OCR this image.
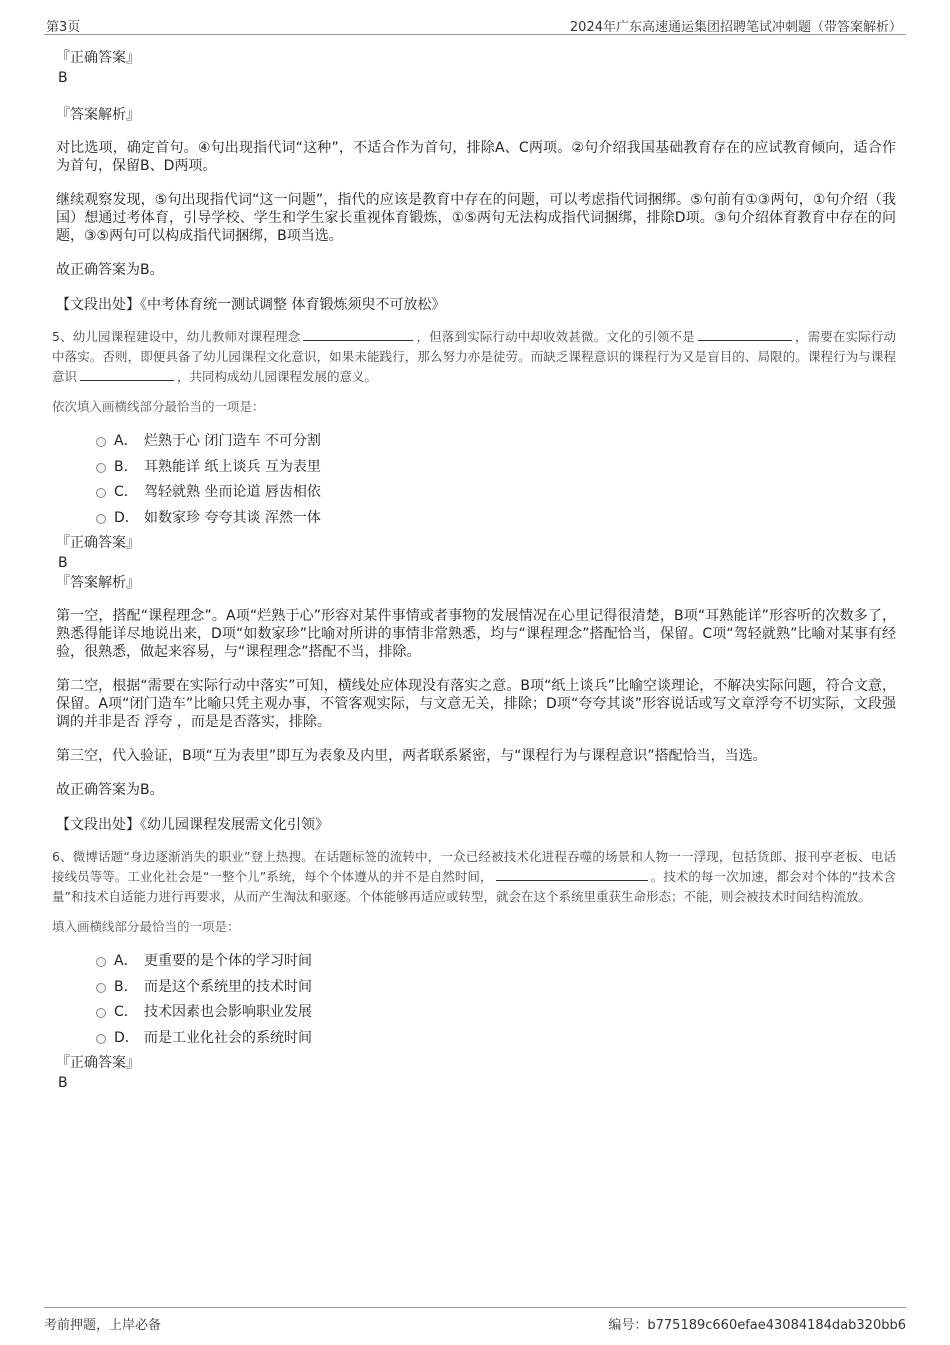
第3页	2024年广东高速通运集团招聘笔试冲刺题（带答案解析）

『正确答案』

B

『答案解析』

对比选项，确定首句。④句出现指代词“这种”，不适合作为首句，排除A、C两项。②句介绍我国基础教育存在的应试教育倾向，适合作为首句，保留B、D两项。

继续观察发现，⑤句出现指代词“这一问题”，指代的应该是教育中存在的问题，可以考虑指代词捆绑。⑤句前有①③两句，①句介绍（我国）想通过考体育，引导学校、学生和学生家长重视体育锻炼，①⑤两句无法构成指代词捆绑，排除D项。③句介绍体育教育中存在的问题，③⑤两句可以构成指代词捆绑，B项当选。

故正确答案为B。

【文段出处】《中考体育统一测试调整 体育锻炼须臾不可放松》

5、幼儿园课程建设中，幼儿教师对课程理念	，但落到实际行动中却收效甚微。文化的引领不是	，需要在实际行动中落实。否则，即便具备了幼儿园课程文化意识，如果未能践行，那么努力亦是徒劳。而缺乏课程意识的课程行为又是盲目的、局限的。课程行为与课程意识	，共同构成幼儿园课程发展的意义。

依次填入画横线部分最恰当的一项是：

A． 烂熟于心 闭门造车 不可分割
B． 耳熟能详 纸上谈兵 互为表里
C． 驾轻就熟 坐而论道 唇齿相依
D． 如数家珍 夸夸其谈 浑然一体

『正确答案』

B

『答案解析』

第一空，搭配“课程理念”。A项“烂熟于心”形容对某件事情或者事物的发展情况在心里记得很清楚，B项“耳熟能详”形容听的次数多了，熟悉得能详尽地说出来，D项“如数家珍”比喻对所讲的事情非常熟悉，均与“课程理念”搭配恰当，保留。C项“驾轻就熟”比喻对某事有经验，很熟悉，做起来容易，与“课程理念”搭配不当，排除。

第二空，根据“需要在实际行动中落实”可知，横线处应体现没有落实之意。B项“纸上谈兵”比喻空谈理论，不解决实际问题，符合文意，保留。A项“闭门造车”比喻只凭主观办事，不管客观实际，与文意无关，排除；D项“夸夸其谈”形容说话或写文章浮夸不切实际，文段强调的并非是否 浮夸 ，而是是否落实，排除。

第三空，代入验证，B项“互为表里”即互为表象及内里，两者联系紧密，与“课程行为与课程意识”搭配恰当，当选。

故正确答案为B。

【文段出处】《幼儿园课程发展需文化引领》

6、微博话题“身边逐渐消失的职业”登上热搜。在话题标签的流转中，一众已经被技术化进程吞噬的场景和人物一一浮现，包括货郎、报刊亭老板、电话接线员等等。工业化社会是“一整个儿”系统，每个个体遵从的并不是自然时间，	。技术的每一次加速，都会对个体的“技术含量”和技术自适能力进行再要求，从而产生淘汰和驱逐。个体能够再适应或转型，就会在这个系统里重获生命形态；不能，则会被技术时间结构流放。

填入画横线部分最恰当的一项是：

A． 更重要的是个体的学习时间
B． 而是这个系统里的技术时间
C． 技术因素也会影响职业发展
D． 而是工业化社会的系统时间

『正确答案』

B

考前押题，上岸必备	编号：b775189c660efae43084184dab320bb6
